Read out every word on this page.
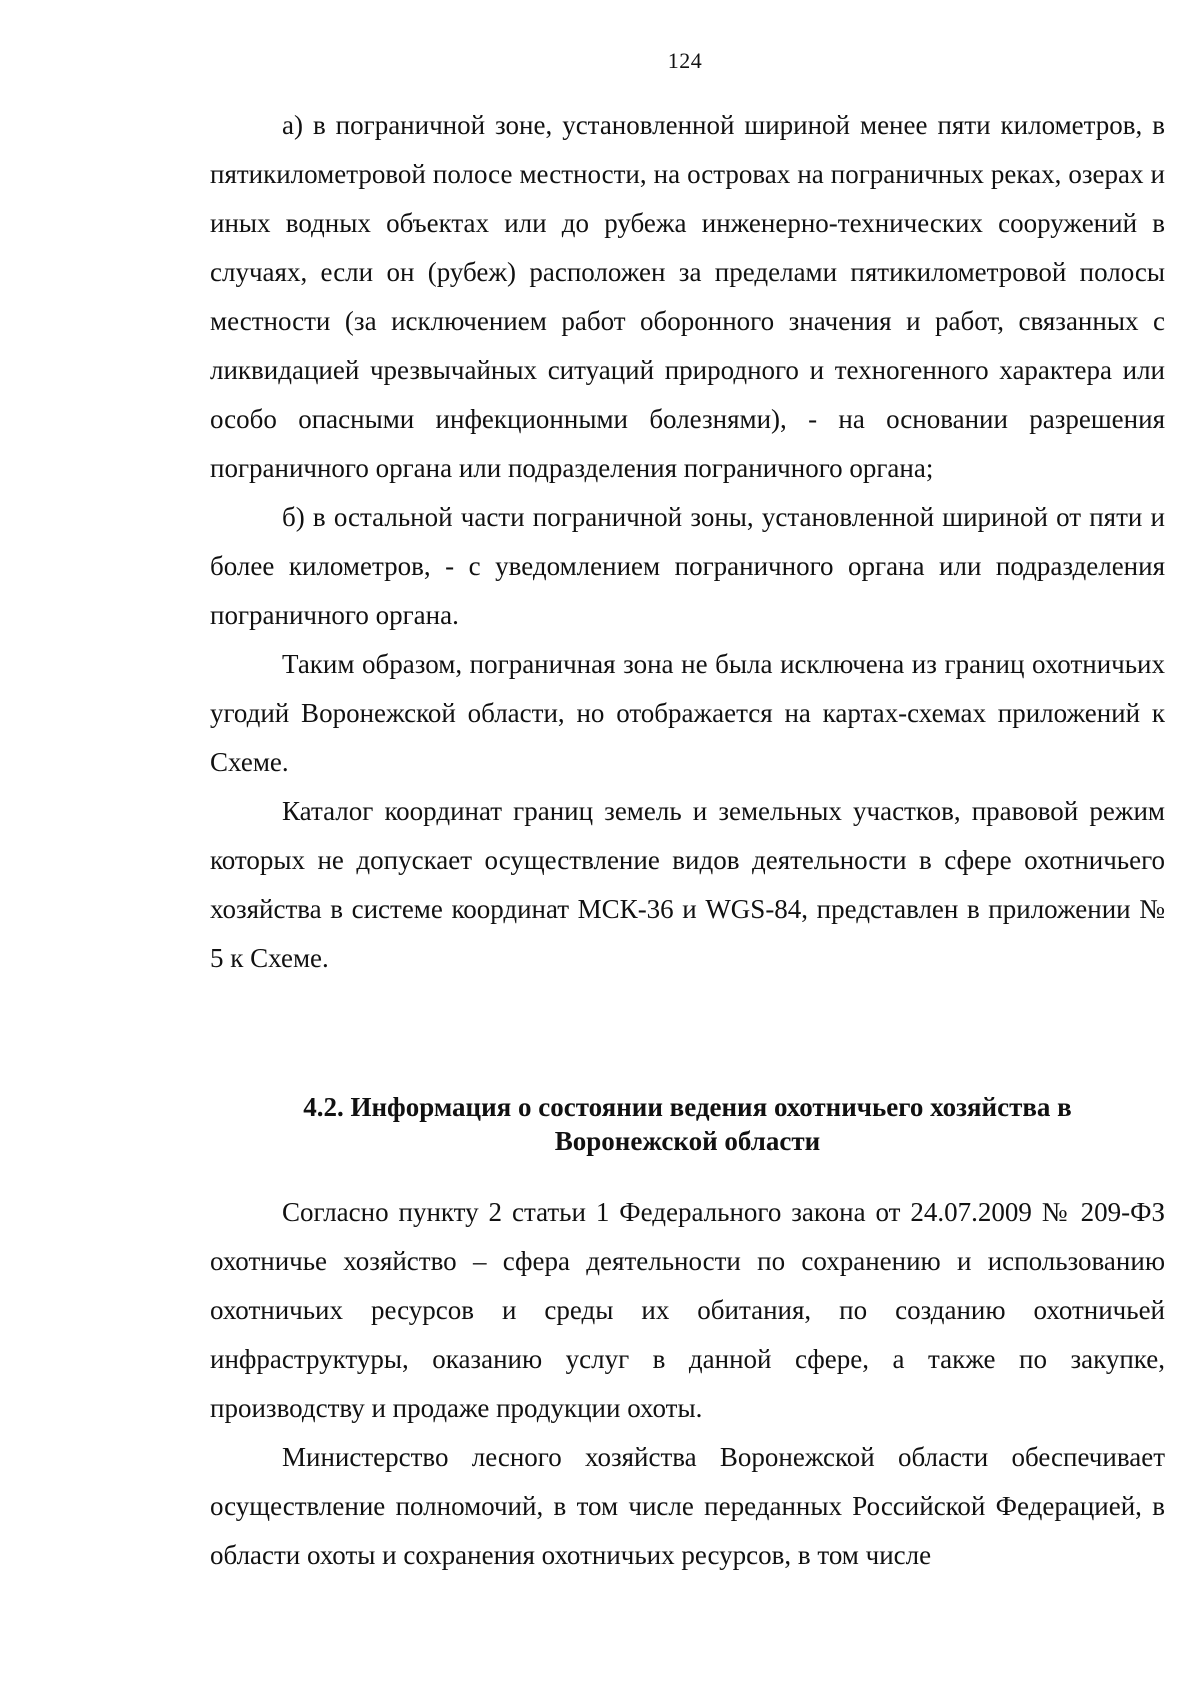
124

а) в пограничной зоне, установленной шириной менее пяти километров, в пятикилометровой полосе местности, на островах на пограничных реках, озерах и иных водных объектах или до рубежа инженерно-технических сооружений в случаях, если он (рубеж) расположен за пределами пятикилометровой полосы местности (за исключением работ оборонного значения и работ, связанных с ликвидацией чрезвычайных ситуаций природного и техногенного характера или особо опасными инфекционными болезнями), - на основании разрешения пограничного органа или подразделения пограничного органа;

б) в остальной части пограничной зоны, установленной шириной от пяти и более километров, - с уведомлением пограничного органа или подразделения пограничного органа.

Таким образом, пограничная зона не была исключена из границ охотничьих угодий Воронежской области, но отображается на картах-схемах приложений к Схеме.

Каталог координат границ земель и земельных участков, правовой режим которых не допускает осуществление видов деятельности в сфере охотничьего хозяйства в системе координат МСК-36 и WGS-84, представлен в приложении № 5 к Схеме.

4.2. Информация о состоянии ведения охотничьего хозяйства в
Воронежской области

Согласно пункту 2 статьи 1 Федерального закона от 24.07.2009 № 209-ФЗ охотничье хозяйство – сфера деятельности по сохранению и использованию охотничьих ресурсов и среды их обитания, по созданию охотничьей инфраструктуры, оказанию услуг в данной сфере, а также по закупке, производству и продаже продукции охоты.

Министерство лесного хозяйства Воронежской области обеспечивает осуществление полномочий, в том числе переданных Российской Федерацией, в области охоты и сохранения охотничьих ресурсов, в том числе
